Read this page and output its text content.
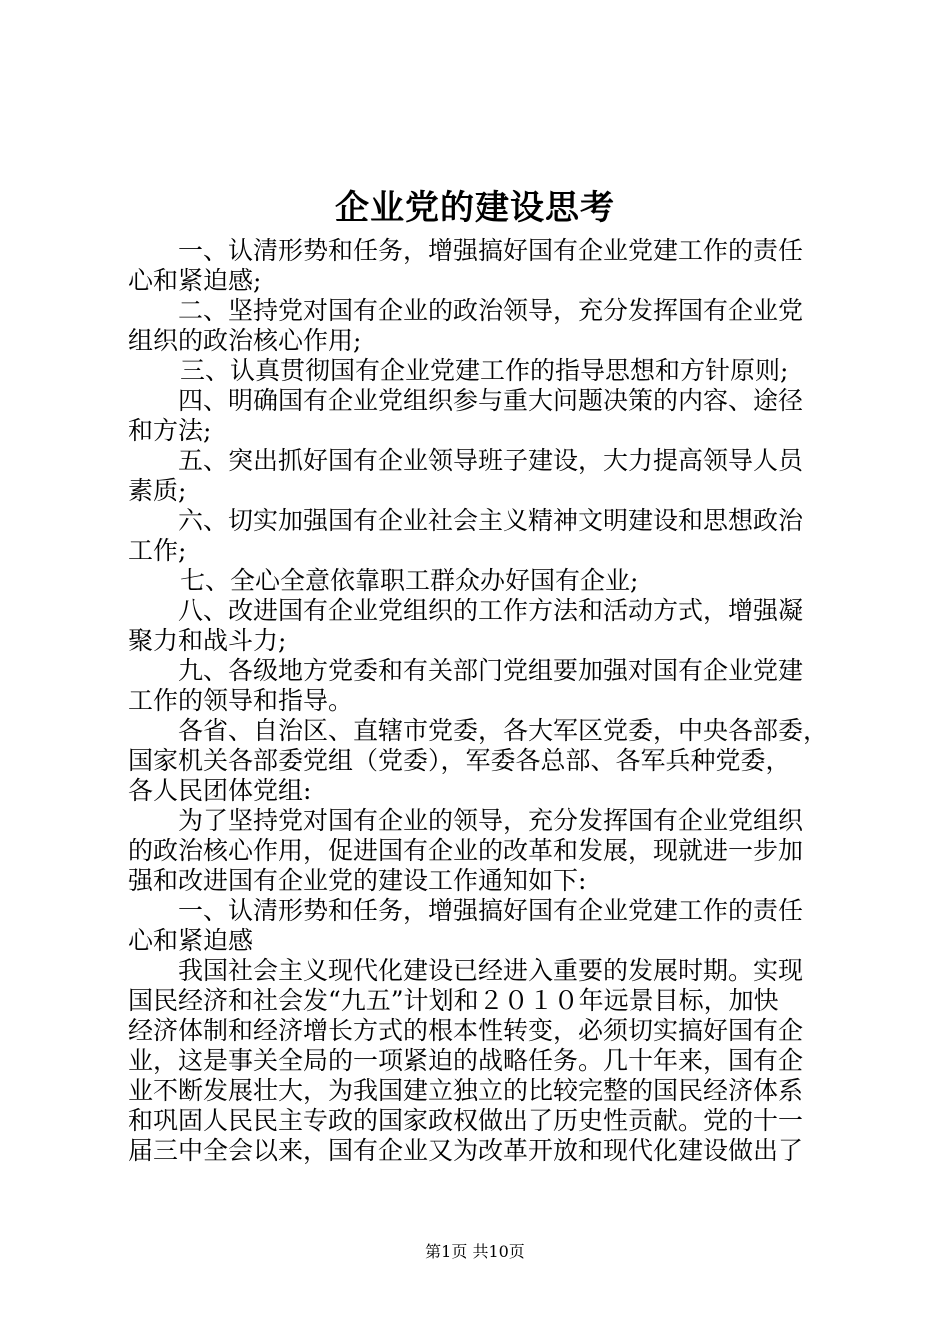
企业党的建设思考
一、认清形势和任务，增强搞好国有企业党建工作的责任
心和紧迫感;
二、坚持党对国有企业的政治领导，充分发挥国有企业党
组织的政治核心作用;
三、认真贯彻国有企业党建工作的指导思想和方针原则;
四、明确国有企业党组织参与重大问题决策的内容、途径
和方法;
五、突出抓好国有企业领导班子建设，大力提高领导人员
素质;
六、切实加强国有企业社会主义精神文明建设和思想政治
工作;
七、全心全意依靠职工群众办好国有企业;
八、改进国有企业党组织的工作方法和活动方式，增强凝
聚力和战斗力;
九、各级地方党委和有关部门党组要加强对国有企业党建
工作的领导和指导。
各省、自治区、直辖市党委，各大军区党委，中央各部委，
国家机关各部委党组（党委），军委各总部、各军兵种党委，
各人民团体党组:
为了坚持党对国有企业的领导，充分发挥国有企业党组织
的政治核心作用，促进国有企业的改革和发展，现就进一步加
强和改进国有企业党的建设工作通知如下:
一、认清形势和任务，增强搞好国有企业党建工作的责任
心和紧迫感
我国社会主义现代化建设已经进入重要的发展时期。实现
国民经济和社会发“九五”计划和２０１０年远景目标，加快
经济体制和经济增长方式的根本性转变，必须切实搞好国有企
业，这是事关全局的一项紧迫的战略任务。几十年来，国有企
业不断发展壮大，为我国建立独立的比较完整的国民经济体系
和巩固人民民主专政的国家政权做出了历史性贡献。党的十一
届三中全会以来，国有企业又为改革开放和现代化建设做出了
第1页 共10页
